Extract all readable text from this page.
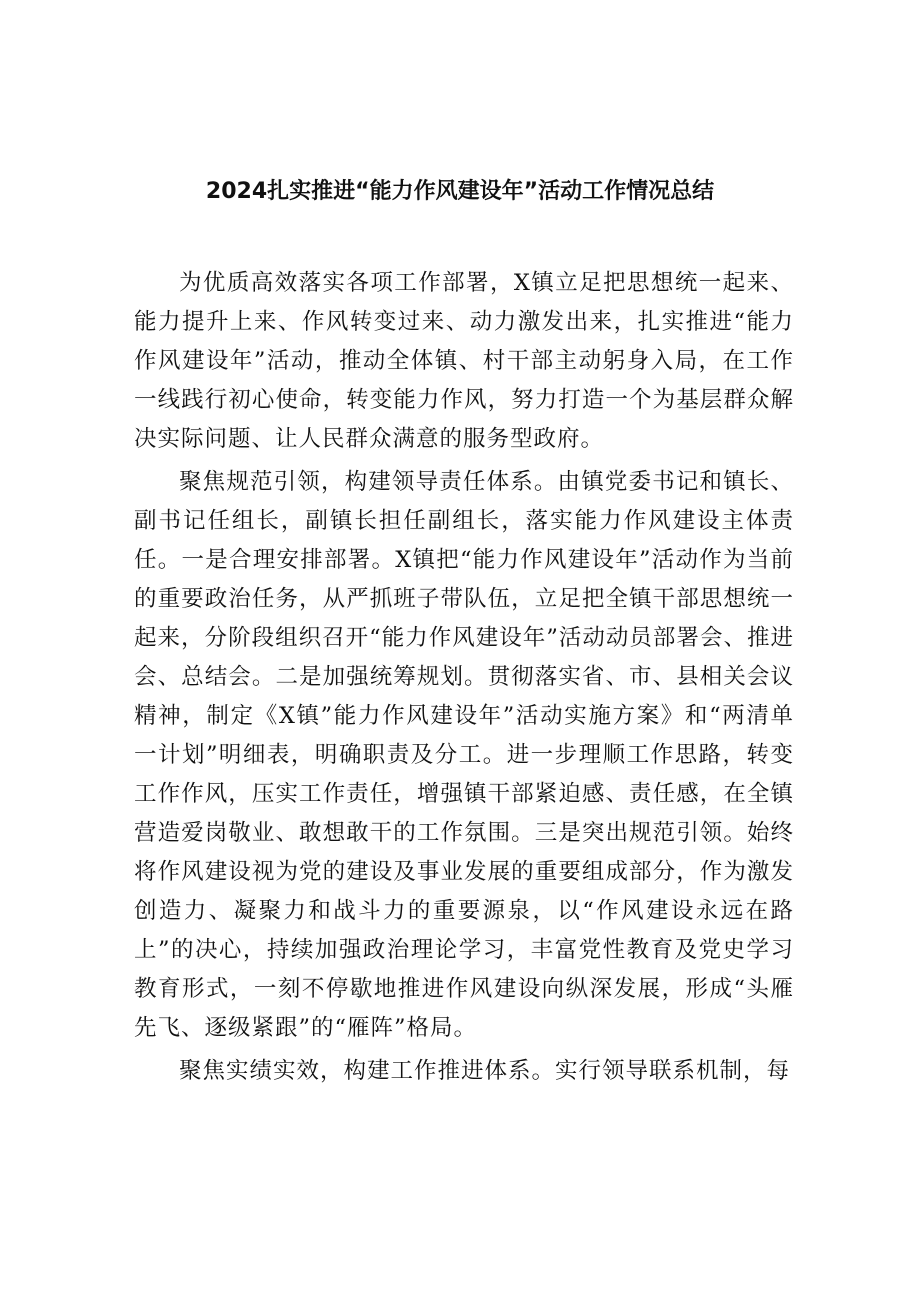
2024扎实推进“能力作风建设年”活动工作情况总结

为优质高效落实各项工作部署，X镇立足把思想统一起来、能力提升上来、作风转变过来、动力激发出来，扎实推进“能力作风建设年”活动，推动全体镇、村干部主动躬身入局，在工作一线践行初心使命，转变能力作风，努力打造一个为基层群众解决实际问题、让人民群众满意的服务型政府。

聚焦规范引领，构建领导责任体系。由镇党委书记和镇长、副书记任组长，副镇长担任副组长，落实能力作风建设主体责任。一是合理安排部署。X镇把“能力作风建设年”活动作为当前的重要政治任务，从严抓班子带队伍，立足把全镇干部思想统一起来，分阶段组织召开“能力作风建设年”活动动员部署会、推进会、总结会。二是加强统筹规划。贯彻落实省、市、县相关会议精神，制定《X镇”能力作风建设年”活动实施方案》和“两清单一计划”明细表，明确职责及分工。进一步理顺工作思路，转变工作作风，压实工作责任，增强镇干部紧迫感、责任感，在全镇营造爱岗敬业、敢想敢干的工作氛围。三是突出规范引领。始终将作风建设视为党的建设及事业发展的重要组成部分，作为激发创造力、凝聚力和战斗力的重要源泉，以“作风建设永远在路上”的决心，持续加强政治理论学习，丰富党性教育及党史学习教育形式，一刻不停歇地推进作风建设向纵深发展，形成“头雁先飞、逐级紧跟”的“雁阵”格局。

聚焦实绩实效，构建工作推进体系。实行领导联系机制，每
